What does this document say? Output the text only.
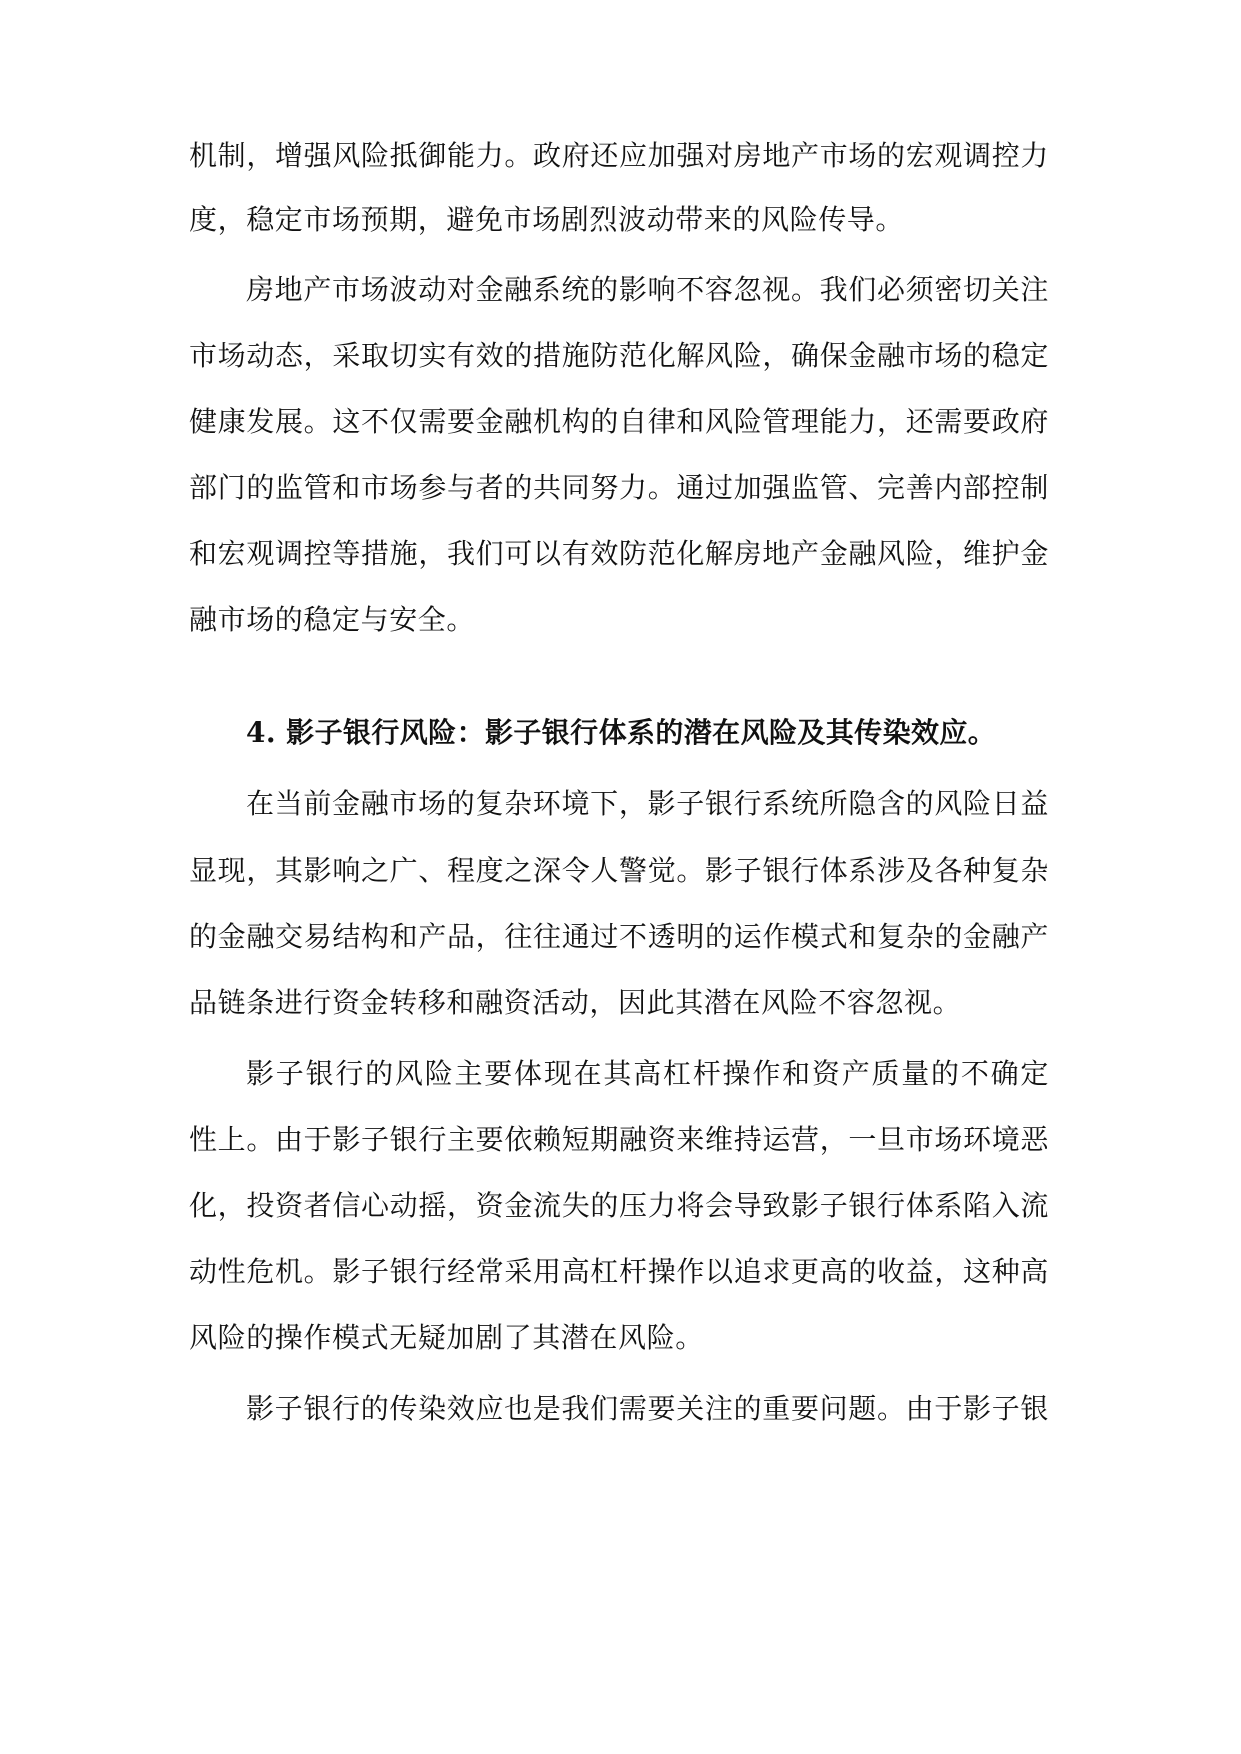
机制，增强风险抵御能力。政府还应加强对房地产市场的宏观调控力
度，稳定市场预期，避免市场剧烈波动带来的风险传导。
房地产市场波动对金融系统的影响不容忽视。我们必须密切关注
市场动态，采取切实有效的措施防范化解风险，确保金融市场的稳定
健康发展。这不仅需要金融机构的自律和风险管理能力，还需要政府
部门的监管和市场参与者的共同努力。通过加强监管、完善内部控制
和宏观调控等措施，我们可以有效防范化解房地产金融风险，维护金
融市场的稳定与安全。
4. 影子银行风险：影子银行体系的潜在风险及其传染效应。
在当前金融市场的复杂环境下，影子银行系统所隐含的风险日益
显现，其影响之广、程度之深令人警觉。影子银行体系涉及各种复杂
的金融交易结构和产品，往往通过不透明的运作模式和复杂的金融产
品链条进行资金转移和融资活动，因此其潜在风险不容忽视。
影子银行的风险主要体现在其高杠杆操作和资产质量的不确定
性上。由于影子银行主要依赖短期融资来维持运营，一旦市场环境恶
化，投资者信心动摇，资金流失的压力将会导致影子银行体系陷入流
动性危机。影子银行经常采用高杠杆操作以追求更高的收益，这种高
风险的操作模式无疑加剧了其潜在风险。
影子银行的传染效应也是我们需要关注的重要问题。由于影子银
